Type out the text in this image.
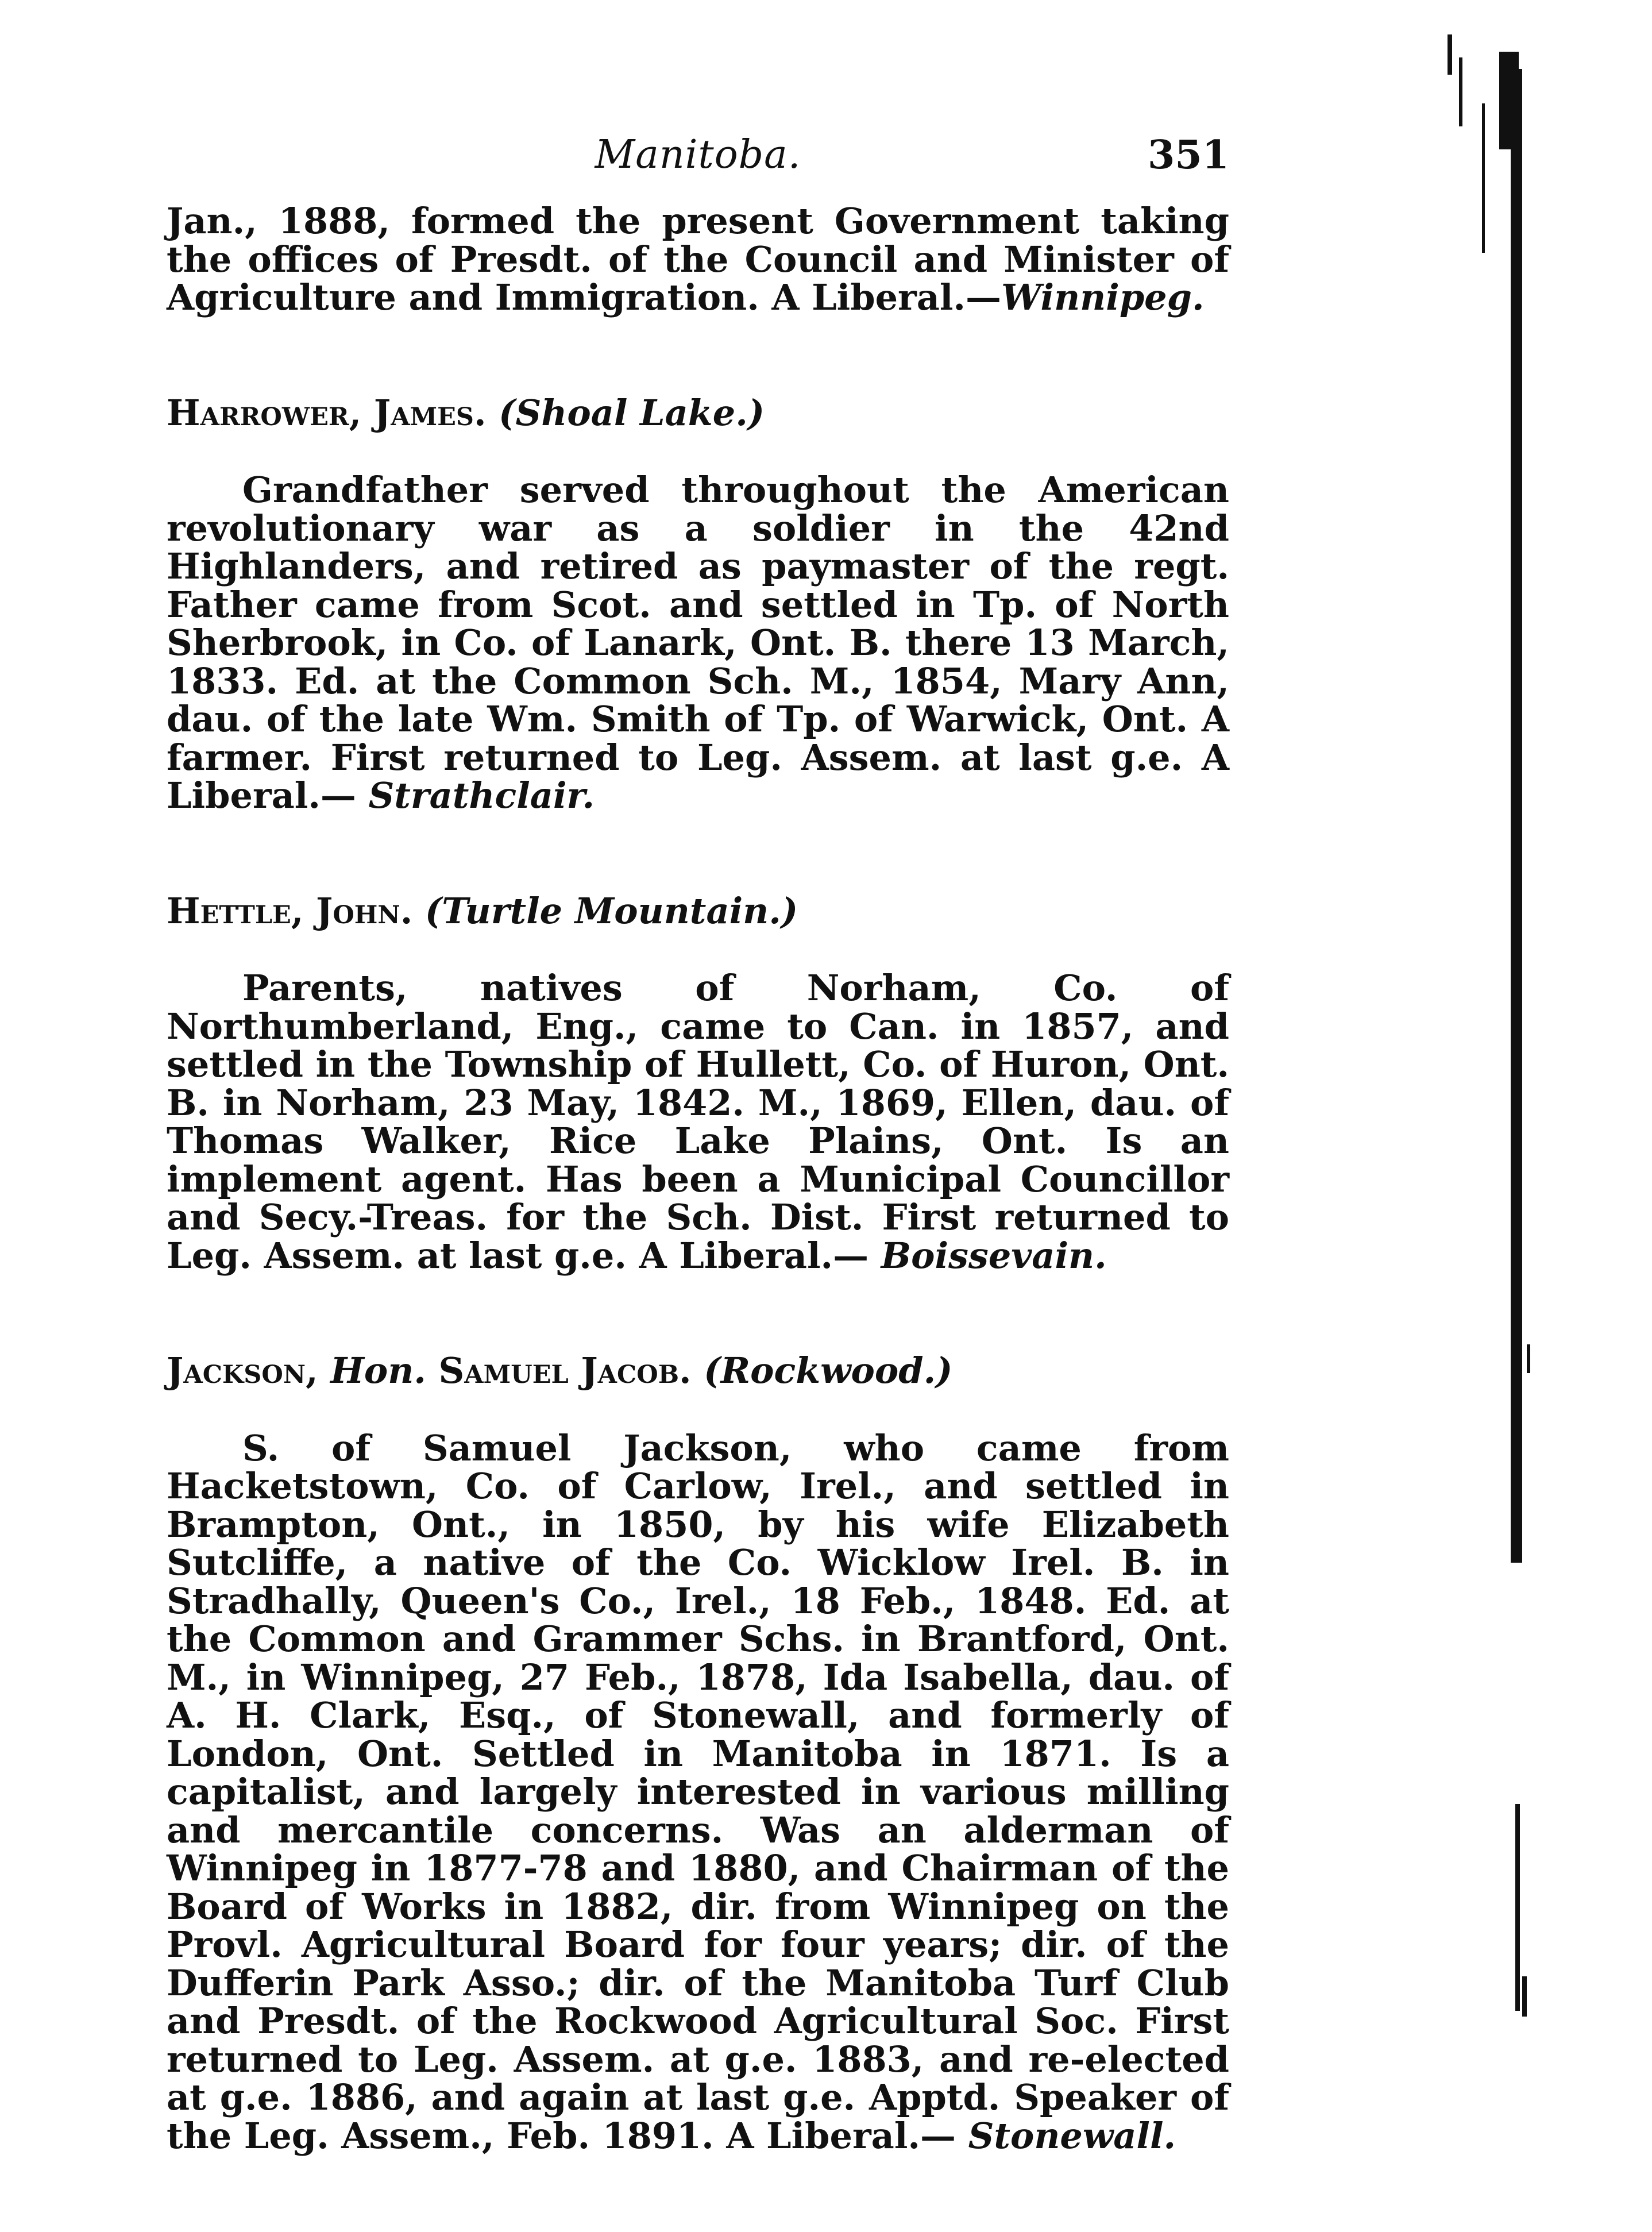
Manitoba.	351

Jan., 1888, formed the present Government taking the offices of Presdt. of the Council and Minister of Agriculture and Immigration. A Liberal.—Winnipeg.

Harrower, James. (Shoal Lake.)

Grandfather served throughout the American revolutionary war as a soldier in the 42nd Highlanders, and retired as paymaster of the regt. Father came from Scot. and settled in Tp. of North Sherbrook, in Co. of Lanark, Ont. B. there 13 March, 1833. Ed. at the Common Sch. M., 1854, Mary Ann, dau. of the late Wm. Smith of Tp. of Warwick, Ont. A farmer. First returned to Leg. Assem. at last g.e. A Liberal.— Strathclair.

Hettle, John. (Turtle Mountain.)

Parents, natives of Norham, Co. of Northumberland, Eng., came to Can. in 1857, and settled in the Township of Hullett, Co. of Huron, Ont. B. in Norham, 23 May, 1842. M., 1869, Ellen, dau. of Thomas Walker, Rice Lake Plains, Ont. Is an implement agent. Has been a Municipal Councillor and Secy.-Treas. for the Sch. Dist. First returned to Leg. Assem. at last g.e. A Liberal.— Boissevain.

Jackson, Hon. Samuel Jacob. (Rockwood.)

S. of Samuel Jackson, who came from Hacketstown, Co. of Carlow, Irel., and settled in Brampton, Ont., in 1850, by his wife Elizabeth Sutcliffe, a native of the Co. Wicklow Irel. B. in Stradhally, Queen's Co., Irel., 18 Feb., 1848. Ed. at the Common and Grammer Schs. in Brantford, Ont. M., in Winnipeg, 27 Feb., 1878, Ida Isabella, dau. of A. H. Clark, Esq., of Stonewall, and formerly of London, Ont. Settled in Manitoba in 1871. Is a capitalist, and largely interested in various milling and mercantile concerns. Was an alderman of Winnipeg in 1877-78 and 1880, and Chairman of the Board of Works in 1882, dir. from Winnipeg on the Provl. Agricultural Board for four years; dir. of the Dufferin Park Asso.; dir. of the Manitoba Turf Club and Presdt. of the Rockwood Agricultural Soc. First returned to Leg. Assem. at g.e. 1883, and re-elected at g.e. 1886, and again at last g.e. Apptd. Speaker of the Leg. Assem., Feb. 1891. A Liberal.— Stonewall.
